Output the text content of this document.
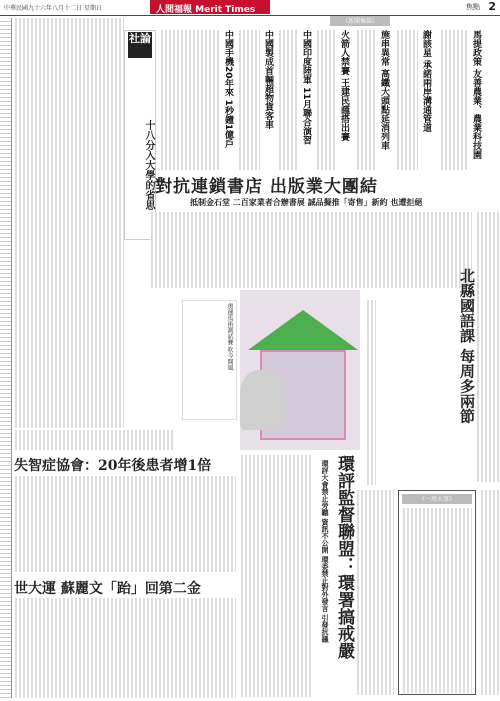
中華民國九十六年八月十二日 星期日	人間福報 Merit Times	焦點 2
社論
十八分入大學的省思
《新聞集錦》
馬提政策 友善農業、農業科技園
謝該星 承諾兩岸溝通管道
施串異常 高鐵大頭點延消列車
火箭人禁賽 王建民謹搭出賽
中國印度陸軍 11月聯合演習
中國製成首輛超物貨客車
中國手機20年來 1秒鐘1億戶
對抗連鎖書店 出版業大團結
抵制金石堂 二百家業者合辦書展 誠品擬推「寄售」新約 也遭拒絕
北縣國語課 每周多兩節
奧運馬術測試賽 吹今開風
失智症協會：20年後患者增1倍
世大運 蘇麗文「跆」回第二金	環評監督聯盟：環署搞戒嚴
環評大會禁止旁聽 資訊不公開 環委禁止對外發言 引發抗議	《一周大事》
